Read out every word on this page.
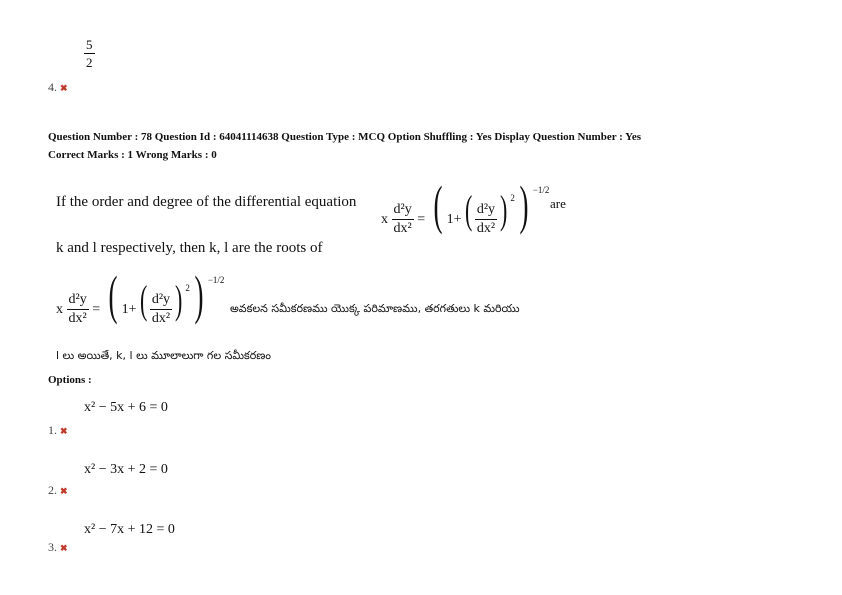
5
2
4. ✖
Question Number : 78 Question Id : 64041114638 Question Type : MCQ Option Shuffling : Yes Display Question Number : Yes
Correct Marks : 1 Wrong Marks : 0
If the order and degree of the differential equation
x $\frac{\text{d²y}}{\text{dx²}}$ = ( $1+( \frac{\text{d²y}}{\text{dx²}}$ ) $^2$) $^{-1/2}$
are
k and l respectively, then k, l are the roots of
x $\frac{\text{d²y}}{\text{dx²}}$ = ( $1+( \frac{\text{d²y}}{\text{dx²}}$ ) $^2$) $^{-1/2}$
అవకలన సమీకరణము యొక్క పరిమాణము, తరగతులు k మరియు
l లు అయితే, k, l లు మూలాలుగా గల సమీకరణం
Options :
x² − 5x + 6 = 0
1. ✖
x² − 3x + 2 = 0
2. ✖
x² − 7x + 12 = 0
3. ✖
